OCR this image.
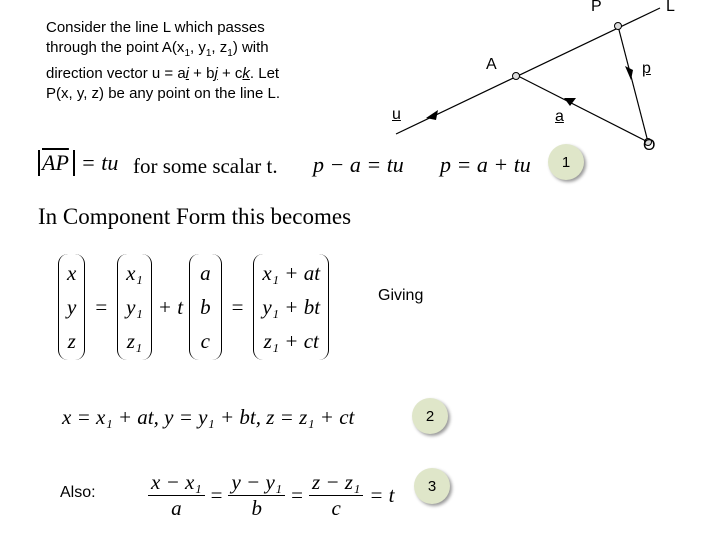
Consider the line L which passes
through the point $A(x_1$, $y_1$, $z_1$) with
direction vector u = ai + bj + ck. Let
P(x, y, z) be any point on the line L.
P	L
A	p
u	a
O
$\overline{AP}$ = tu for some scalar t. p − a = tu p = a + tu	1
In Component Form this becomes
x
y
z
=
x₁
y₁
z₁
+ t
a
b
c
=
x₁ + at
y₁ + bt
z₁ + ct
Giving
x = x₁ + at, y = y₁ + bt, z = z₁ + ct	2
Also: $\frac{\text{x − x₁}}{a} = \frac{\text{y − y₁}}{b} = \frac{\text{z − z₁}}{c} = t$	3
